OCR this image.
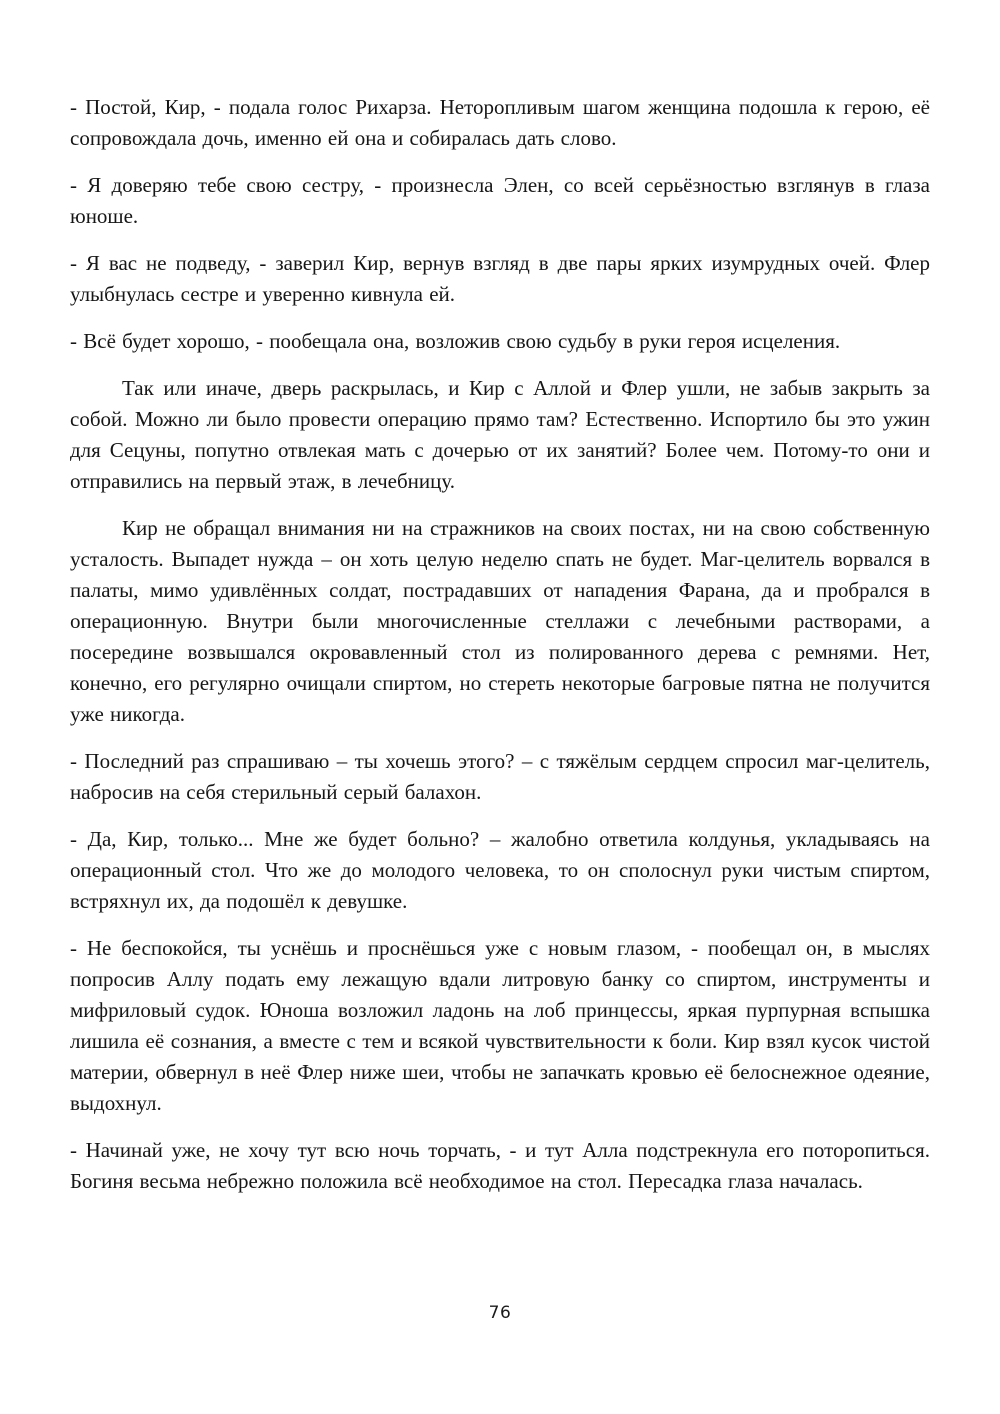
- Постой, Кир, - подала голос Рихарза. Неторопливым шагом женщина подошла к герою, её сопровождала дочь, именно ей она и собиралась дать слово.

- Я доверяю тебе свою сестру, - произнесла Элен, со всей серьёзностью взглянув в глаза юноше.

- Я вас не подведу, - заверил Кир, вернув взгляд в две пары ярких изумрудных очей. Флер улыбнулась сестре и уверенно кивнула ей.

- Всё будет хорошо, - пообещала она, возложив свою судьбу в руки героя исцеления.

Так или иначе, дверь раскрылась, и Кир с Аллой и Флер ушли, не забыв закрыть за собой. Можно ли было провести операцию прямо там? Естественно. Испортило бы это ужин для Сецуны, попутно отвлекая мать с дочерью от их занятий? Более чем. Потому-то они и отправились на первый этаж, в лечебницу.

Кир не обращал внимания ни на стражников на своих постах, ни на свою собственную усталость. Выпадет нужда – он хоть целую неделю спать не будет. Маг-целитель ворвался в палаты, мимо удивлённых солдат, пострадавших от нападения Фарана, да и пробрался в операционную. Внутри были многочисленные стеллажи с лечебными растворами, а посередине возвышался окровавленный стол из полированного дерева с ремнями. Нет, конечно, его регулярно очищали спиртом, но стереть некоторые багровые пятна не получится уже никогда.

- Последний раз спрашиваю – ты хочешь этого? – с тяжёлым сердцем спросил маг-целитель, набросив на себя стерильный серый балахон.

- Да, Кир, только... Мне же будет больно? – жалобно ответила колдунья, укладываясь на операционный стол. Что же до молодого человека, то он сполоснул руки чистым спиртом, встряхнул их, да подошёл к девушке.

- Не беспокойся, ты уснёшь и проснёшься уже с новым глазом, - пообещал он, в мыслях попросив Аллу подать ему лежащую вдали литровую банку со спиртом, инструменты и мифриловый судок. Юноша возложил ладонь на лоб принцессы, яркая пурпурная вспышка лишила её сознания, а вместе с тем и всякой чувствительности к боли. Кир взял кусок чистой материи, обвернул в неё Флер ниже шеи, чтобы не запачкать кровью её белоснежное одеяние, выдохнул.

- Начинай уже, не хочу тут всю ночь торчать, - и тут Алла подстрекнула его поторопиться. Богиня весьма небрежно положила всё необходимое на стол. Пересадка глаза началась.

76
